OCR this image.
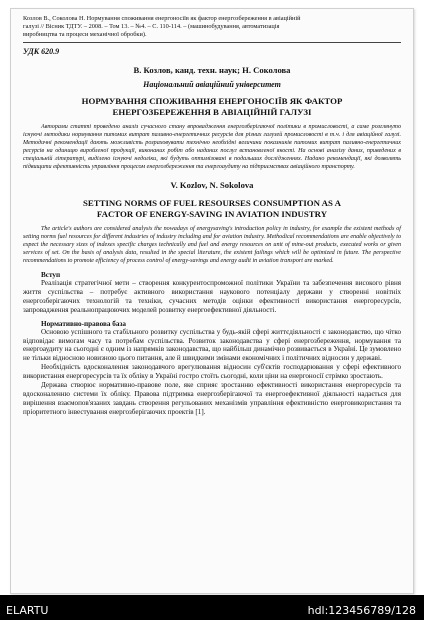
Козлов В., Соколова Н. Нормування споживання енергоносіїв як фактор енергозбереження в авіаційній
галузі // Вісник ТДТУ. – 2008. – Том 13. – №4. – С. 110-114. – (машинобудування, автоматизація
виробництва та процеси механічної обробки).
УДК 620.9
В. Козлов, канд. техн. наук; Н. Соколова
Національний авіаційний університет
НОРМУВАННЯ СПОЖИВАННЯ ЕНЕРГОНОСІЇВ ЯК ФАКТОР
ЕНЕРГОЗБЕРЕЖЕННЯ В АВІАЦІЙНІЙ ГАЛУЗІ
Авторами статті проведено аналіз сучасного стану впровадження енергозберігаючої політики в промисловості, а саме розглянуто існуючі методики нормування питомих витрат паливно-енергетичних ресурсів для різних галузей промисловості в т.ч. і для авіаційної галузі. Методичні рекомендації дають можливість розраховувати технічно необхідні величини показників питомих витрат паливно-енергетичних ресурсів на одиницю виробленої продукції, виконаних робіт або наданих послуг встановленої якості. На основі аналізу даних, приведених в спеціальній літературі, виділено існуючі недоліки, які будуть оптимізовані в подальших дослідженнях. Надано рекомендації, які дозволять підвищити ефективність управління процесом енергозбереження та енергоаудиту на підприємствах авіаційного транспорту.
V. Kozlov, N. Sokolova
SETTING NORMS OF FUEL RESOURSES CONSUMPTION AS A
FACTOR OF ENERGY-SAVING IN AVIATION INDUSTRY
The article's authors are considered analysis the nowadays of energysaving's introduction policy in industry, for example the existent methods of setting norms fuel resources for different industries of industry including and for aviation industry. Methodical recommendations are enable objectively to expect the necessary sizes of indexes specific charges technically and fuel and energy resources on unit of mine-out products, executed works or given services of set. On the basis of analysis data, resulted in the special literature, the existent failings which will be optimized in future. The perspective recommendations to promote efficiency of process control of energy-savings and energy audit in aviation transport are marked.
Вступ
Реалізація стратегічної мети – створення конкурентоспроможної політики України та забезпечення високого рівня життя суспільства – потребує активного використання наукового потенціалу держави у створенні новітніх енергозберігаючих технологій та техніки, сучасних методів оцінки ефективності використання енергоресурсів, запровадження реальнопрацюючих моделей розвитку енергоефективної діяльності.
Нормативно-правова база
Основою успішного та стабільного розвитку суспільства у будь-якій сфері життєдіяльності є законодавство, що чітко відповідає вимогам часу та потребам суспільства. Розвиток законодавства у сфері енергозбереження, нормування та енергоаудиту на сьогодні є одним із напрямків законодавства, що найбільш динамічно розвивається в Україні. Це зумовлено не тільки відносною новизною цього питання, але й швидкими змінами економічних і політичних відносин у державі.
Необхідність вдосконалення законодавчого врегулювання відносин суб'єктів господарювання у сфері ефективного використання енергоресурсів та їх обліку в Україні гостро стоїть сьогодні, коли ціни на енергоносії стрімко зростають.
Держава створює нормативно-правове поле, яке сприяє зростанню ефективності використання енергоресурсів та вдосконаленню системи їх обліку. Правова підтримка енергозберігаючої та енергоефективної діяльності надається для вирішення взаємопов'язаних завдань створення регульованих механізмів управління ефективністю енерговикористання та пріоритетного інвестування енергозберігаючих проектів [1].
ELARTU	hdl:123456789/128
